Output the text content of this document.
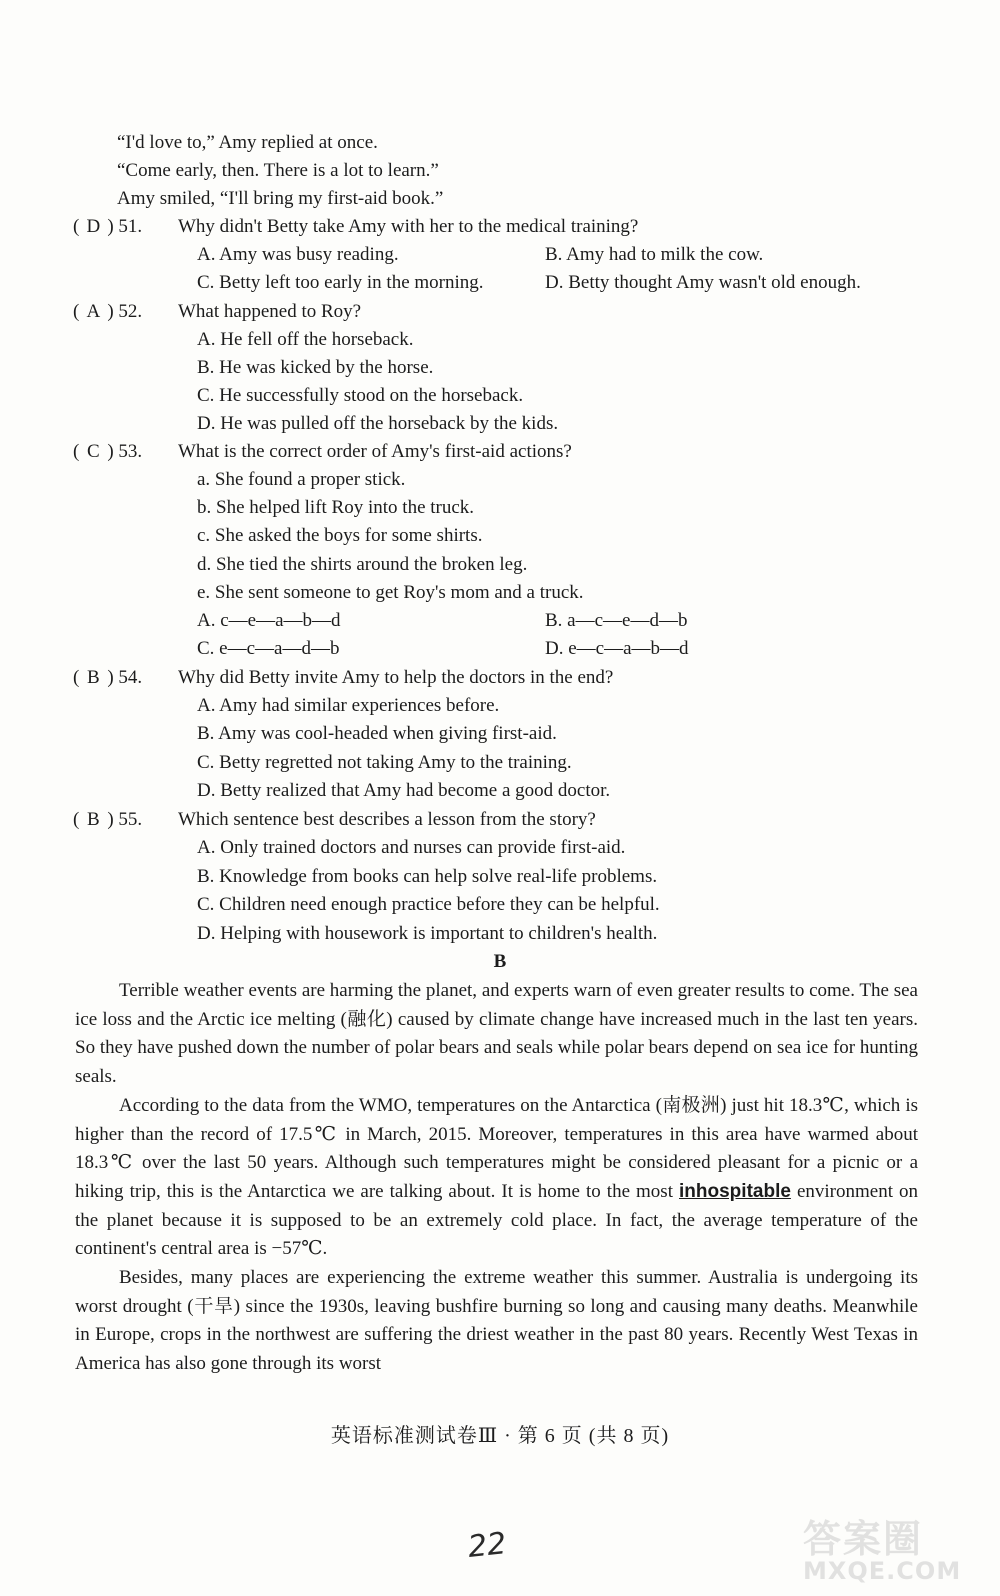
“I'd love to,” Amy replied at once.
“Come early, then. There is a lot to learn.”
Amy smiled, “I'll bring my first-aid book.”
( D ) 51. Why didn't Betty take Amy with her to the medical training?
A. Amy was busy reading.	B. Amy had to milk the cow.
C. Betty left too early in the morning.	D. Betty thought Amy wasn't old enough.
( A ) 52. What happened to Roy?
A. He fell off the horseback.
B. He was kicked by the horse.
C. He successfully stood on the horseback.
D. He was pulled off the horseback by the kids.
( C ) 53. What is the correct order of Amy's first-aid actions?
a. She found a proper stick.
b. She helped lift Roy into the truck.
c. She asked the boys for some shirts.
d. She tied the shirts around the broken leg.
e. She sent someone to get Roy's mom and a truck.
A. c—e—a—b—d	B. a—c—e—d—b
C. e—c—a—d—b	D. e—c—a—b—d
( B ) 54. Why did Betty invite Amy to help the doctors in the end?
A. Amy had similar experiences before.
B. Amy was cool-headed when giving first-aid.
C. Betty regretted not taking Amy to the training.
D. Betty realized that Amy had become a good doctor.
( B ) 55. Which sentence best describes a lesson from the story?
A. Only trained doctors and nurses can provide first-aid.
B. Knowledge from books can help solve real-life problems.
C. Children need enough practice before they can be helpful.
D. Helping with housework is important to children's health.
B

Terrible weather events are harming the planet, and experts warn of even greater results to come. The sea ice loss and the Arctic ice melting (融化) caused by climate change have increased much in the last ten years. So they have pushed down the number of polar bears and seals while polar bears depend on sea ice for hunting seals.

According to the data from the WMO, temperatures on the Antarctica (南极洲) just hit 18.3℃, which is higher than the record of 17.5℃ in March, 2015. Moreover, temperatures in this area have warmed about 18.3℃ over the last 50 years. Although such temperatures might be considered pleasant for a picnic or a hiking trip, this is the Antarctica we are talking about. It is home to the most inhospitable environment on the planet because it is supposed to be an extremely cold place. In fact, the average temperature of the continent's central area is −57℃.

Besides, many places are experiencing the extreme weather this summer. Australia is undergoing its worst drought (干旱) since the 1930s, leaving bushfire burning so long and causing many deaths. Meanwhile in Europe, crops in the northwest are suffering the driest weather in the past 80 years. Recently West Texas in America has also gone through its worst

英语标准测试卷Ⅲ · 第 6 页 (共 8 页)
22	答案圈
MXQE.COM
